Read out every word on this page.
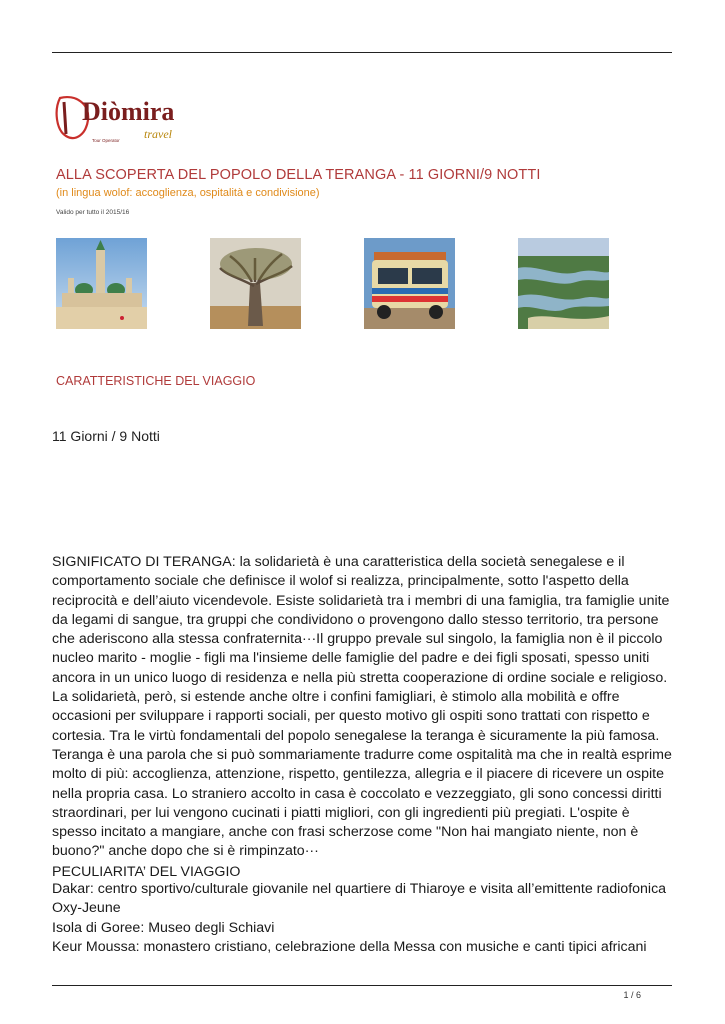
Diòmira
travel
Tour Operator
ALLA SCOPERTA DEL POPOLO DELLA TERANGA - 11 GIORNI/9 NOTTI
(in lingua wolof: accoglienza, ospitalità e condivisione)
Valido per tutto il 2015/16
CARATTERISTICHE DEL VIAGGIO
11 Giorni / 9 Notti

SIGNIFICATO DI TERANGA: la solidarietà è una caratteristica della società senegalese e il comportamento sociale che definisce il wolof si realizza, principalmente, sotto l'aspetto della reciprocità e dell’aiuto vicendevole. Esiste solidarietà tra i membri di una famiglia, tra famiglie unite da legami di sangue, tra gruppi che condividono o provengono dallo stesso territorio, tra persone che aderiscono alla stessa confraternita···Il gruppo prevale sul singolo, la famiglia non è il piccolo nucleo marito - moglie - figli ma l'insieme delle famiglie del padre e dei figli sposati, spesso uniti ancora in un unico luogo di residenza e nella più stretta cooperazione di ordine sociale e religioso. La solidarietà, però, si estende anche oltre i confini famigliari, è stimolo alla mobilità e offre occasioni per sviluppare i rapporti sociali, per questo motivo gli ospiti sono trattati con rispetto e cortesia. Tra le virtù fondamentali del popolo senegalese la teranga è sicuramente la più famosa. Teranga è una parola che si può sommariamente tradurre come ospitalità ma che in realtà esprime molto di più: accoglienza, attenzione, rispetto, gentilezza, allegria e il piacere di ricevere un ospite nella propria casa. Lo straniero accolto in casa è coccolato e vezzeggiato, gli sono concessi diritti straordinari, per lui vengono cucinati i piatti migliori, con gli ingredienti più pregiati. L'ospite è spesso incitato a mangiare, anche con frasi scherzose come "Non hai mangiato niente, non è buono?" anche dopo che si è rimpinzato···

PECULIARITA’ DEL VIAGGIO
Dakar: centro sportivo/culturale giovanile nel quartiere di Thiaroye e visita all’emittente radiofonica Oxy-Jeune
Isola di Goree: Museo degli Schiavi
Keur Moussa: monastero cristiano, celebrazione della Messa con musiche e canti tipici africani
1 / 6
